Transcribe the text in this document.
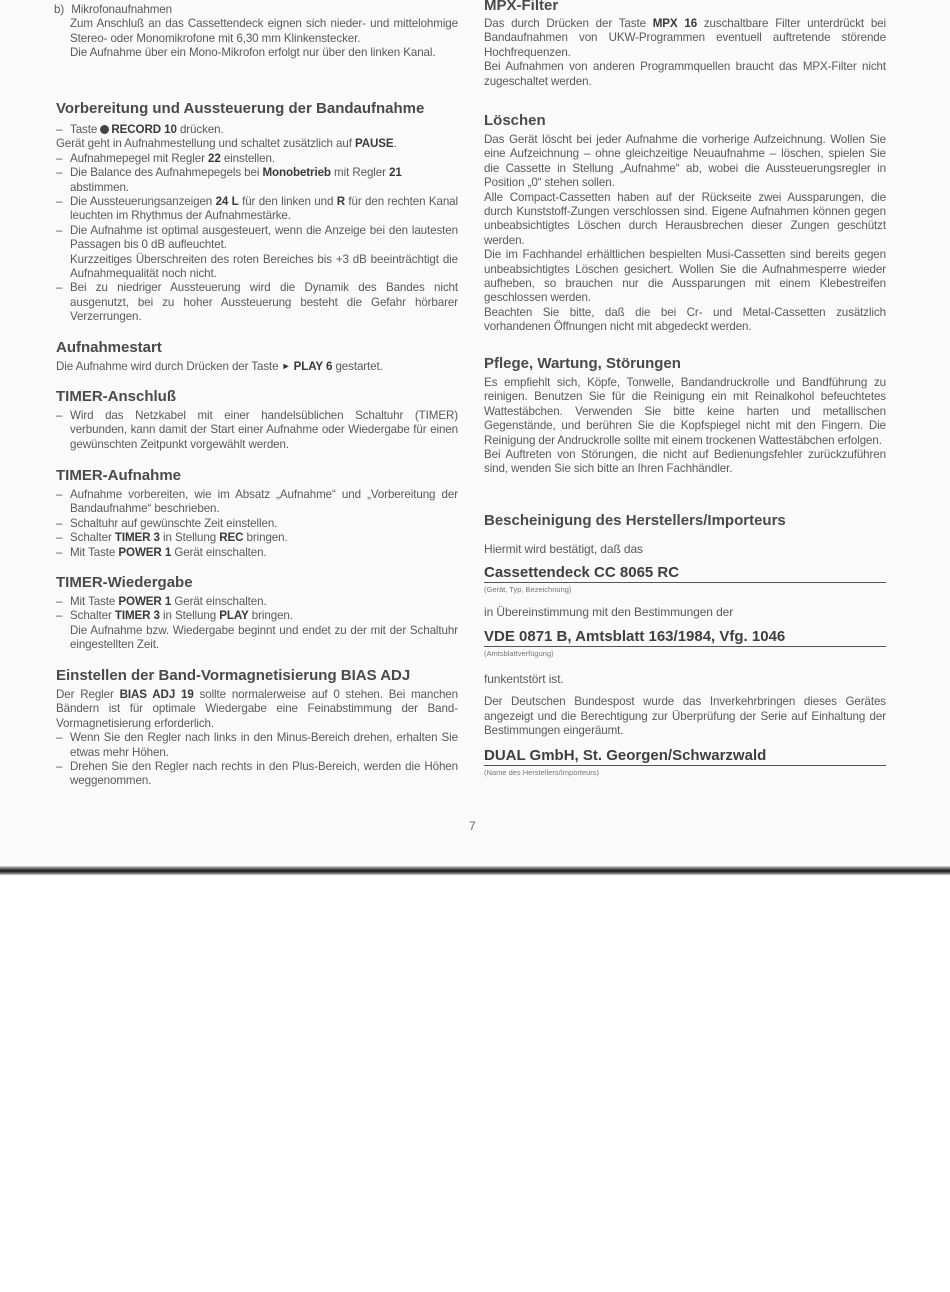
b) Mikrofonaufnahmen

Zum Anschluß an das Cassettendeck eignen sich nieder- und mittelohmige Stereo- oder Monomikrofone mit 6,30 mm Klinkenstecker.

Die Aufnahme über ein Mono-Mikrofon erfolgt nur über den linken Kanal.

Vorbereitung und Aussteuerung der Bandaufnahme
– Taste RECORD 10 drücken.

Gerät geht in Aufnahmestellung und schaltet zusätzlich auf PAUSE.

– Aufnahmepegel mit Regler 22 einstellen.
– Die Balance des Aufnahmepegels bei Monobetrieb mit Regler 21 abstimmen.
– Die Aussteuerungsanzeigen 24 L für den linken und R für den rechten Kanal leuchten im Rhythmus der Aufnahmestärke.
– Die Aufnahme ist optimal ausgesteuert, wenn die Anzeige bei den lautesten Passagen bis 0 dB aufleuchtet.

Kurzzeitiges Überschreiten des roten Bereiches bis +3 dB beeinträchtigt die Aufnahmequalität noch nicht.

– Bei zu niedriger Aussteuerung wird die Dynamik des Bandes nicht ausgenutzt, bei zu hoher Aussteuerung besteht die Gefahr hörbarer Verzerrungen.
Aufnahmestart

Die Aufnahme wird durch Drücken der Taste ► PLAY 6 gestartet.

TIMER-Anschluß
– Wird das Netzkabel mit einer handelsüblichen Schaltuhr (TIMER) verbunden, kann damit der Start einer Aufnahme oder Wiedergabe für einen gewünschten Zeitpunkt vorgewählt werden.
TIMER-Aufnahme
– Aufnahme vorbereiten, wie im Absatz „Aufnahme“ und „Vorbereitung der Bandaufnahme“ beschrieben.
– Schaltuhr auf gewünschte Zeit einstellen.
– Schalter TIMER 3 in Stellung REC bringen.
– Mit Taste POWER 1 Gerät einschalten.
TIMER-Wiedergabe
– Mit Taste POWER 1 Gerät einschalten.
– Schalter TIMER 3 in Stellung PLAY bringen.

Die Aufnahme bzw. Wiedergabe beginnt und endet zu der mit der Schaltuhr eingestellten Zeit.

Einstellen der Band-Vormagnetisierung BIAS ADJ

Der Regler BIAS ADJ 19 sollte normalerweise auf 0 stehen. Bei manchen Bändern ist für optimale Wiedergabe eine Feinabstimmung der Band-Vormagnetisierung erforderlich.

– Wenn Sie den Regler nach links in den Minus-Bereich drehen, erhalten Sie etwas mehr Höhen.
– Drehen Sie den Regler nach rechts in den Plus-Bereich, werden die Höhen weggenommen.
MPX-Filter

Das durch Drücken der Taste MPX 16 zuschaltbare Filter unterdrückt bei Bandaufnahmen von UKW-Programmen eventuell auftretende störende Hochfrequenzen.

Bei Aufnahmen von anderen Programmquellen braucht das MPX-Filter nicht zugeschaltet werden.

Löschen

Das Gerät löscht bei jeder Aufnahme die vorherige Aufzeichnung. Wollen Sie eine Aufzeichnung – ohne gleichzeitige Neuaufnahme – löschen, spielen Sie die Cassette in Stellung „Aufnahme“ ab, wobei die Aussteuerungsregler in Position „0“ stehen sollen.

Alle Compact-Cassetten haben auf der Rückseite zwei Aussparungen, die durch Kunststoff-Zungen verschlossen sind. Eigene Aufnahmen können gegen unbeabsichtigtes Löschen durch Herausbrechen dieser Zungen geschützt werden.

Die im Fachhandel erhältlichen bespielten Musi-Cassetten sind bereits gegen unbeabsichtigtes Löschen gesichert. Wollen Sie die Aufnahmesperre wieder aufheben, so brauchen nur die Aussparungen mit einem Klebestreifen geschlossen werden.

Beachten Sie bitte, daß die bei Cr- und Metal-Cassetten zusätzlich vorhandenen Öffnungen nicht mit abgedeckt werden.

Pflege, Wartung, Störungen

Es empfiehlt sich, Köpfe, Tonwelle, Bandandruckrolle und Bandführung zu reinigen. Benutzen Sie für die Reinigung ein mit Reinalkohol befeuchtetes Wattestäbchen. Verwenden Sie bitte keine harten und metallischen Gegenstände, und berühren Sie die Kopfspiegel nicht mit den Fingern. Die Reinigung der Andruckrolle sollte mit einem trockenen Wattestäbchen erfolgen.

Bei Auftreten von Störungen, die nicht auf Bedienungsfehler zurückzuführen sind, wenden Sie sich bitte an Ihren Fachhändler.

Bescheinigung des Herstellers/Importeurs

Hiermit wird bestätigt, daß das

Cassettendeck CC 8065 RC
(Gerät, Typ, Bezeichnung)

in Übereinstimmung mit den Bestimmungen der

VDE 0871 B, Amtsblatt 163/1984, Vfg. 1046
(Amtsblattverfügung)

funkentstört ist.

Der Deutschen Bundespost wurde das Inverkehrbringen dieses Gerätes angezeigt und die Berechtigung zur Überprüfung der Serie auf Einhaltung der Bestimmungen eingeräumt.

DUAL GmbH, St. Georgen/Schwarzwald
(Name des Herstellers/Importeurs)
7
